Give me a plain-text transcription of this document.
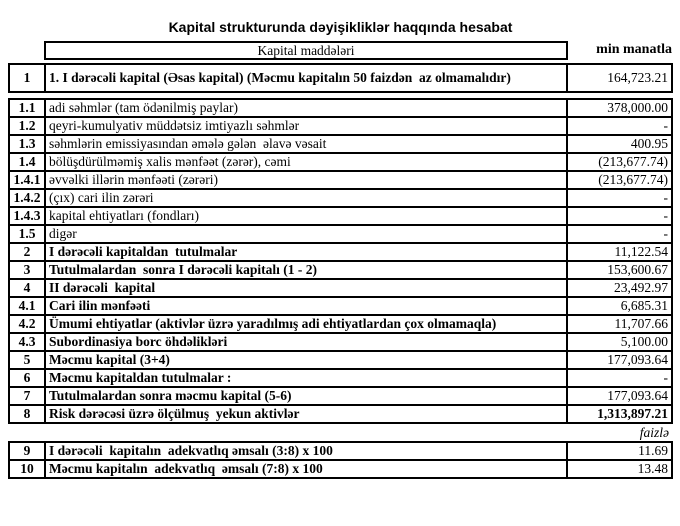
Kapital strukturunda dəyişikliklər haqqında hesabat
Kapital maddələri	min manatla
1	1. I dərəcəli kapital (Əsas kapital) (Məcmu kapitalın 50 faizdən  az olmamalıdır)	164,723.21
1.1	adi səhmlər (tam ödənilmiş paylar)	378,000.00
1.2	qeyri-kumulyativ müddətsiz imtiyazlı səhmlər	-
1.3	səhmlərin emissiyasından əmələ gələn  əlavə vəsait	400.95
1.4	bölüşdürülməmiş xalis mənfəət (zərər), cəmi	(213,677.74)
1.4.1	əvvəlki illərin mənfəəti (zərəri)	(213,677.74)
1.4.2	(çıx) cari ilin zərəri	-
1.4.3	kapital ehtiyatları (fondları)	-
1.5	digər	-
2	I dərəcəli kapitaldan  tutulmalar	11,122.54
3	Tutulmalardan  sonra I dərəcəli kapitalı (1 - 2)	153,600.67
4	II dərəcəli  kapital	23,492.97
4.1	Cari ilin mənfəəti	6,685.31
4.2	Ümumi ehtiyatlar (aktivlər üzrə yaradılmış adi ehtiyatlardan çox olmamaqla)	11,707.66
4.3	Subordinasiya borc öhdəlikləri	5,100.00
5	Məcmu kapital (3+4)	177,093.64
6	Məcmu kapitaldan tutulmalar :	-
7	Tutulmalardan sonra məcmu kapital (5-6)	177,093.64
8	Risk dərəcəsi üzrə ölçülmuş  yekun aktivlər	1,313,897.21
faizlə
9	I dərəcəli  kapitalın  adekvatlıq əmsalı (3:8) x 100	11.69
10	Məcmu kapitalın  adekvatlıq  əmsalı (7:8) x 100	13.48
